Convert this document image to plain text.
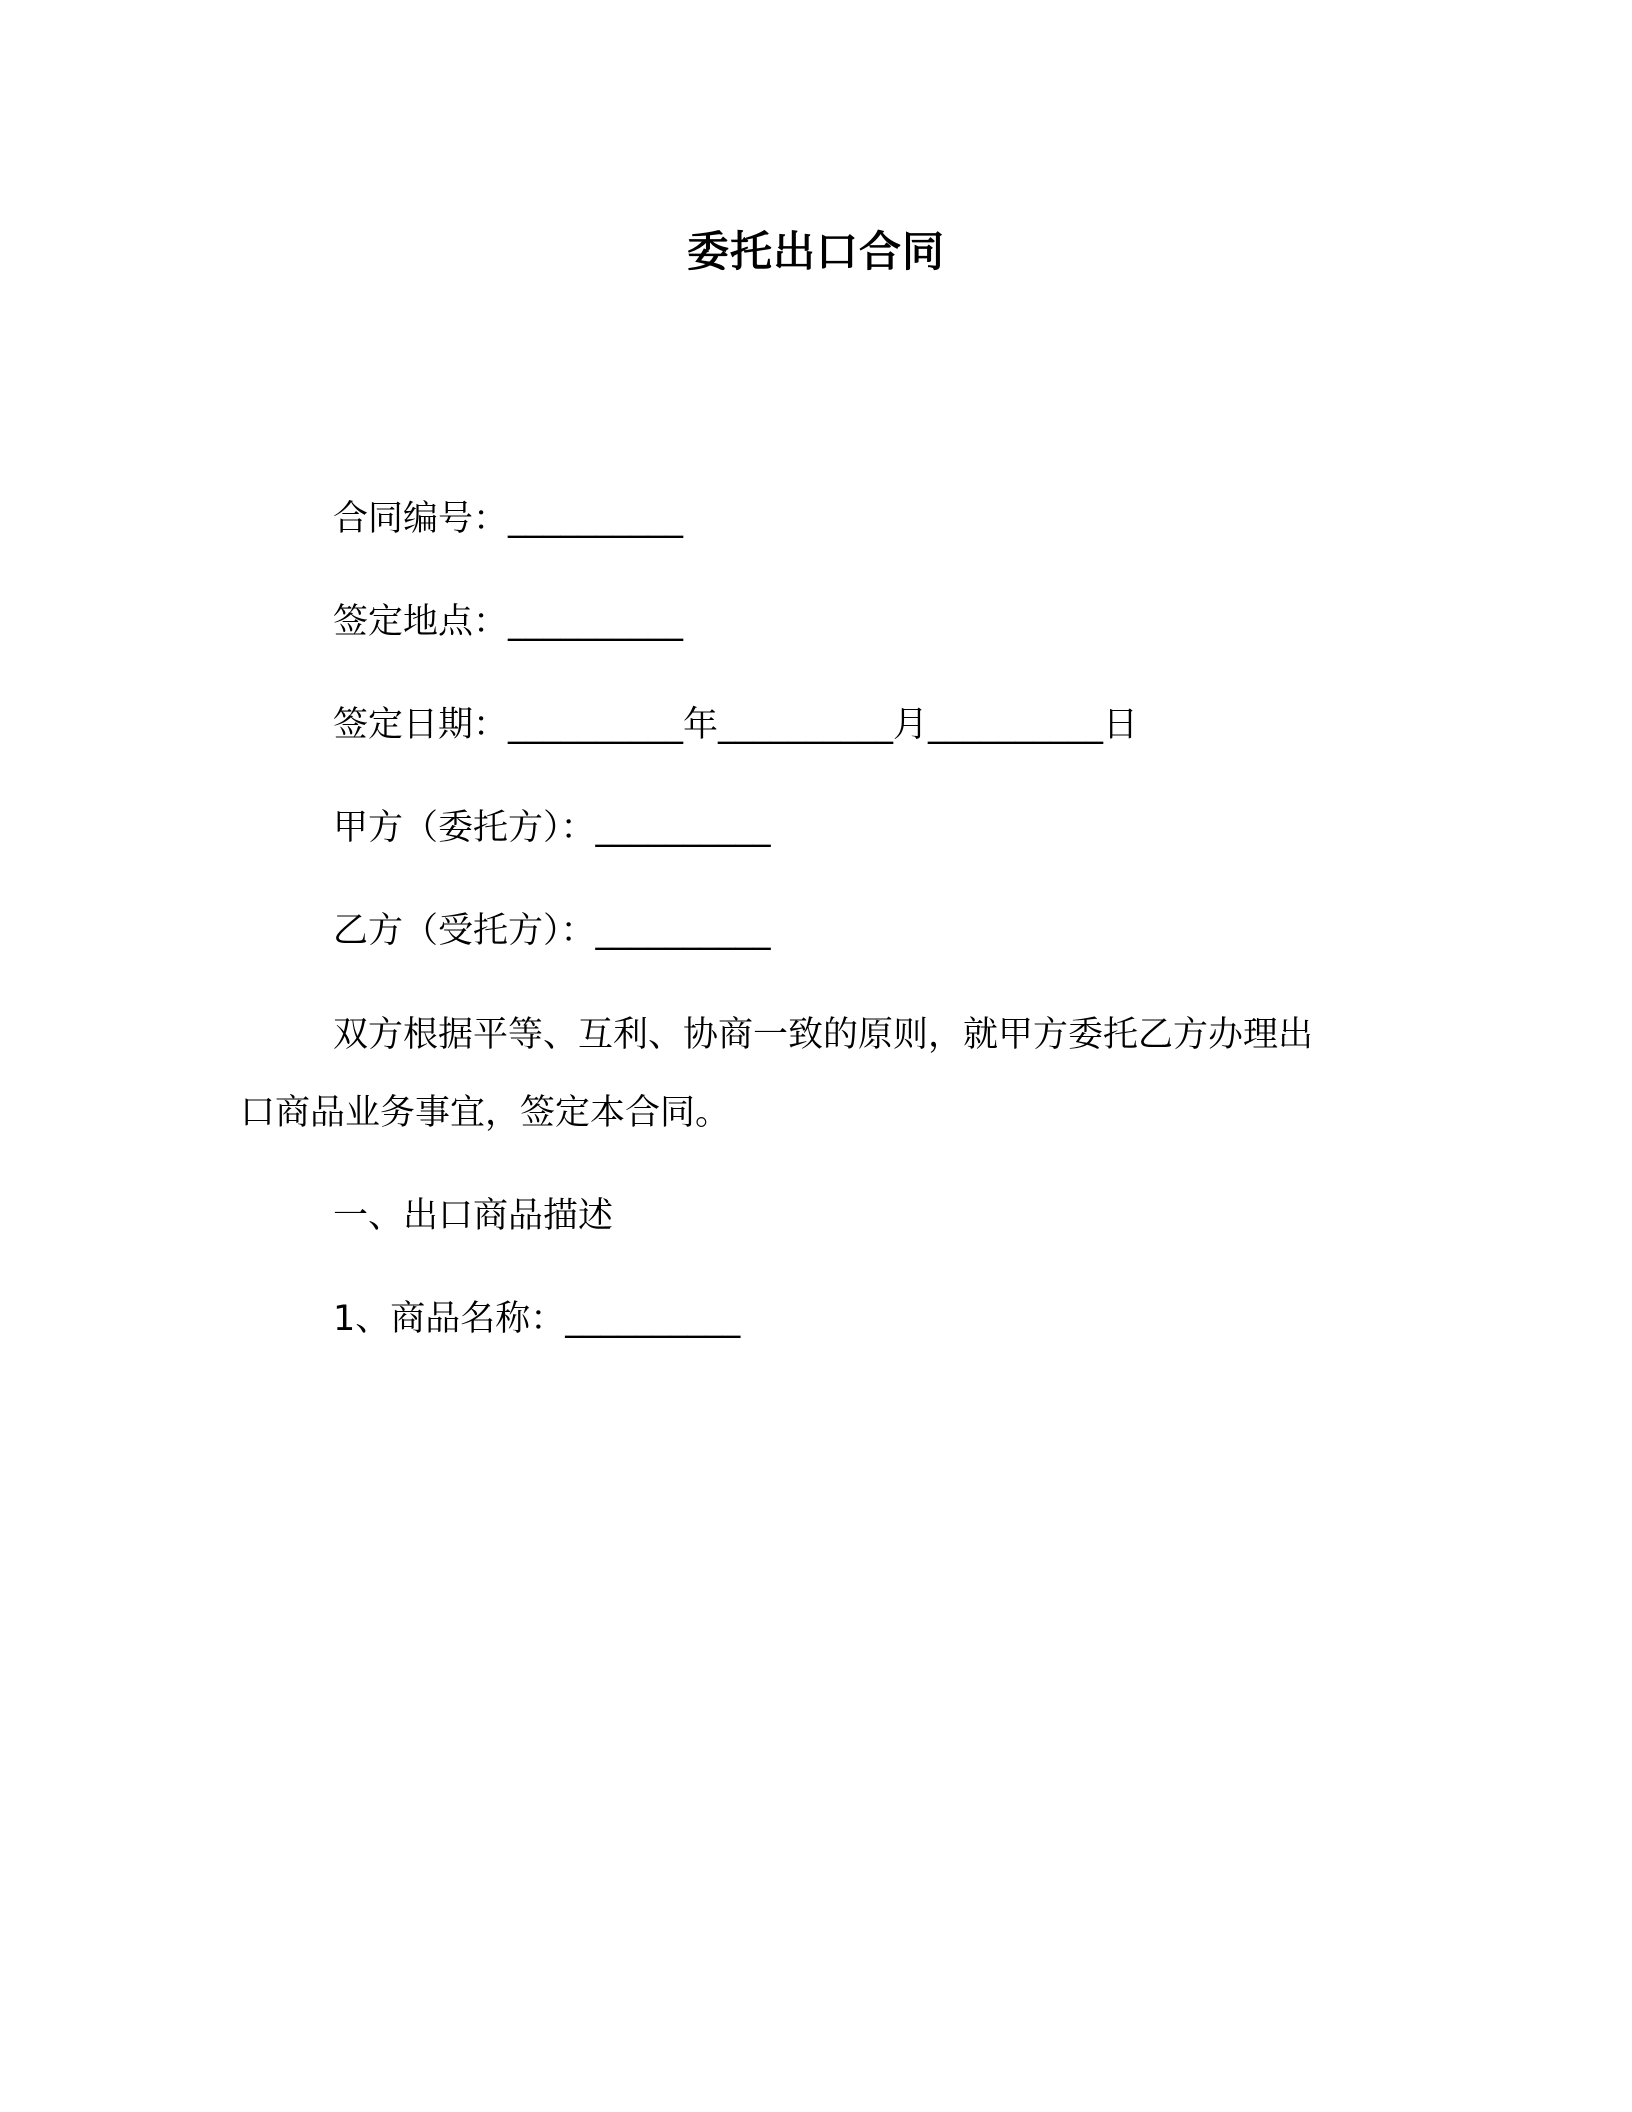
委托出口合同
合同编号：__________
签定地点：__________
签定日期：__________年__________月__________日
甲方（委托方）：__________
乙方（受托方）：__________
双方根据平等、互利、协商一致的原则，就甲方委托乙方办理出
口商品业务事宜，签定本合同。
一、出口商品描述
1、商品名称：__________
